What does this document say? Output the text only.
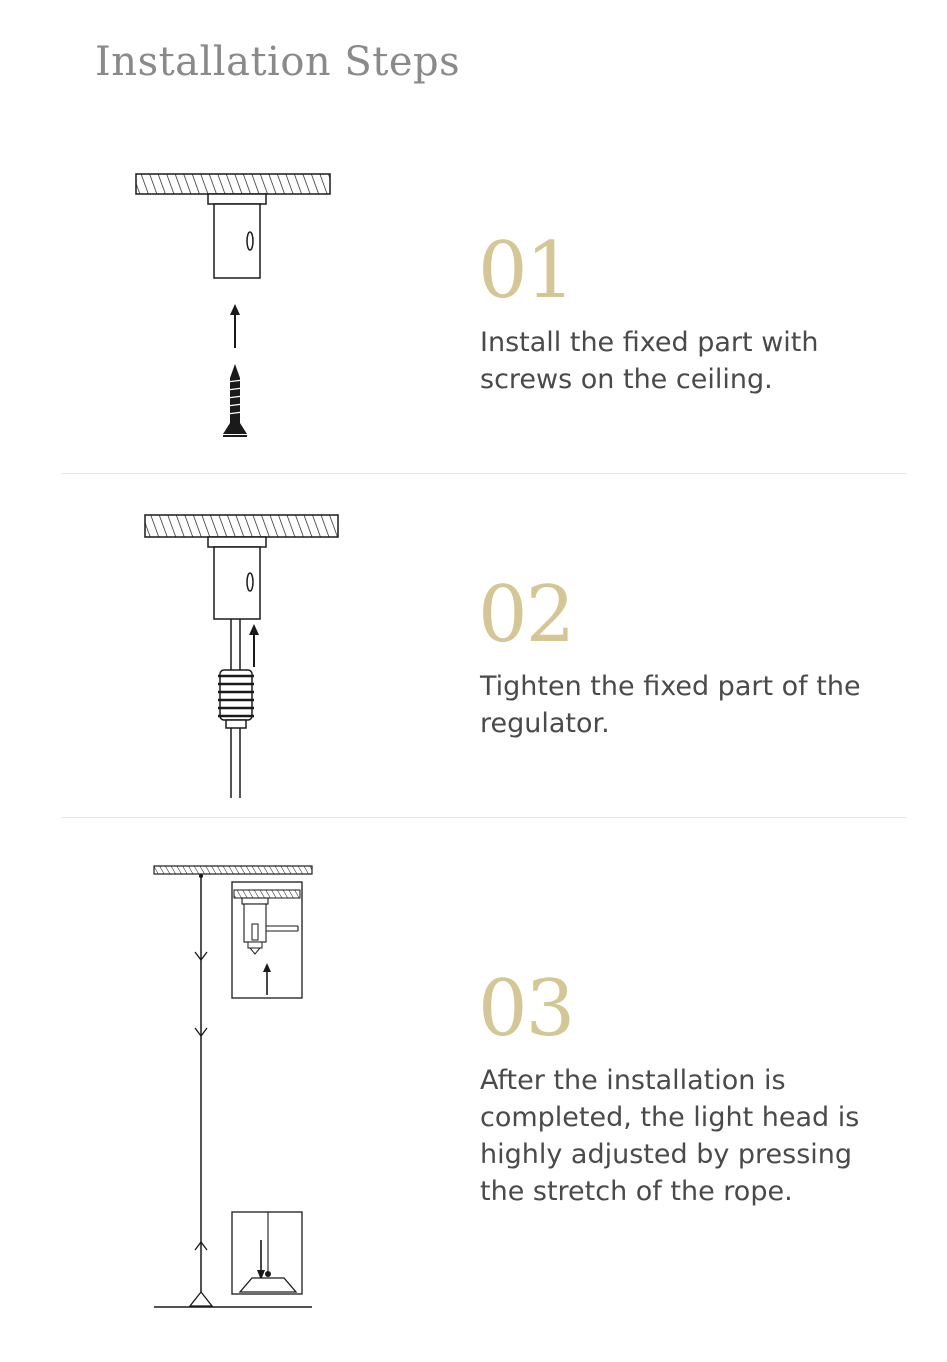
Installation Steps
01

Install the fixed part with
screws on the ceiling.

02

Tighten the fixed part of the
regulator.

03

After the installation is
completed, the light head is
highly adjusted by pressing
the stretch of the rope.
